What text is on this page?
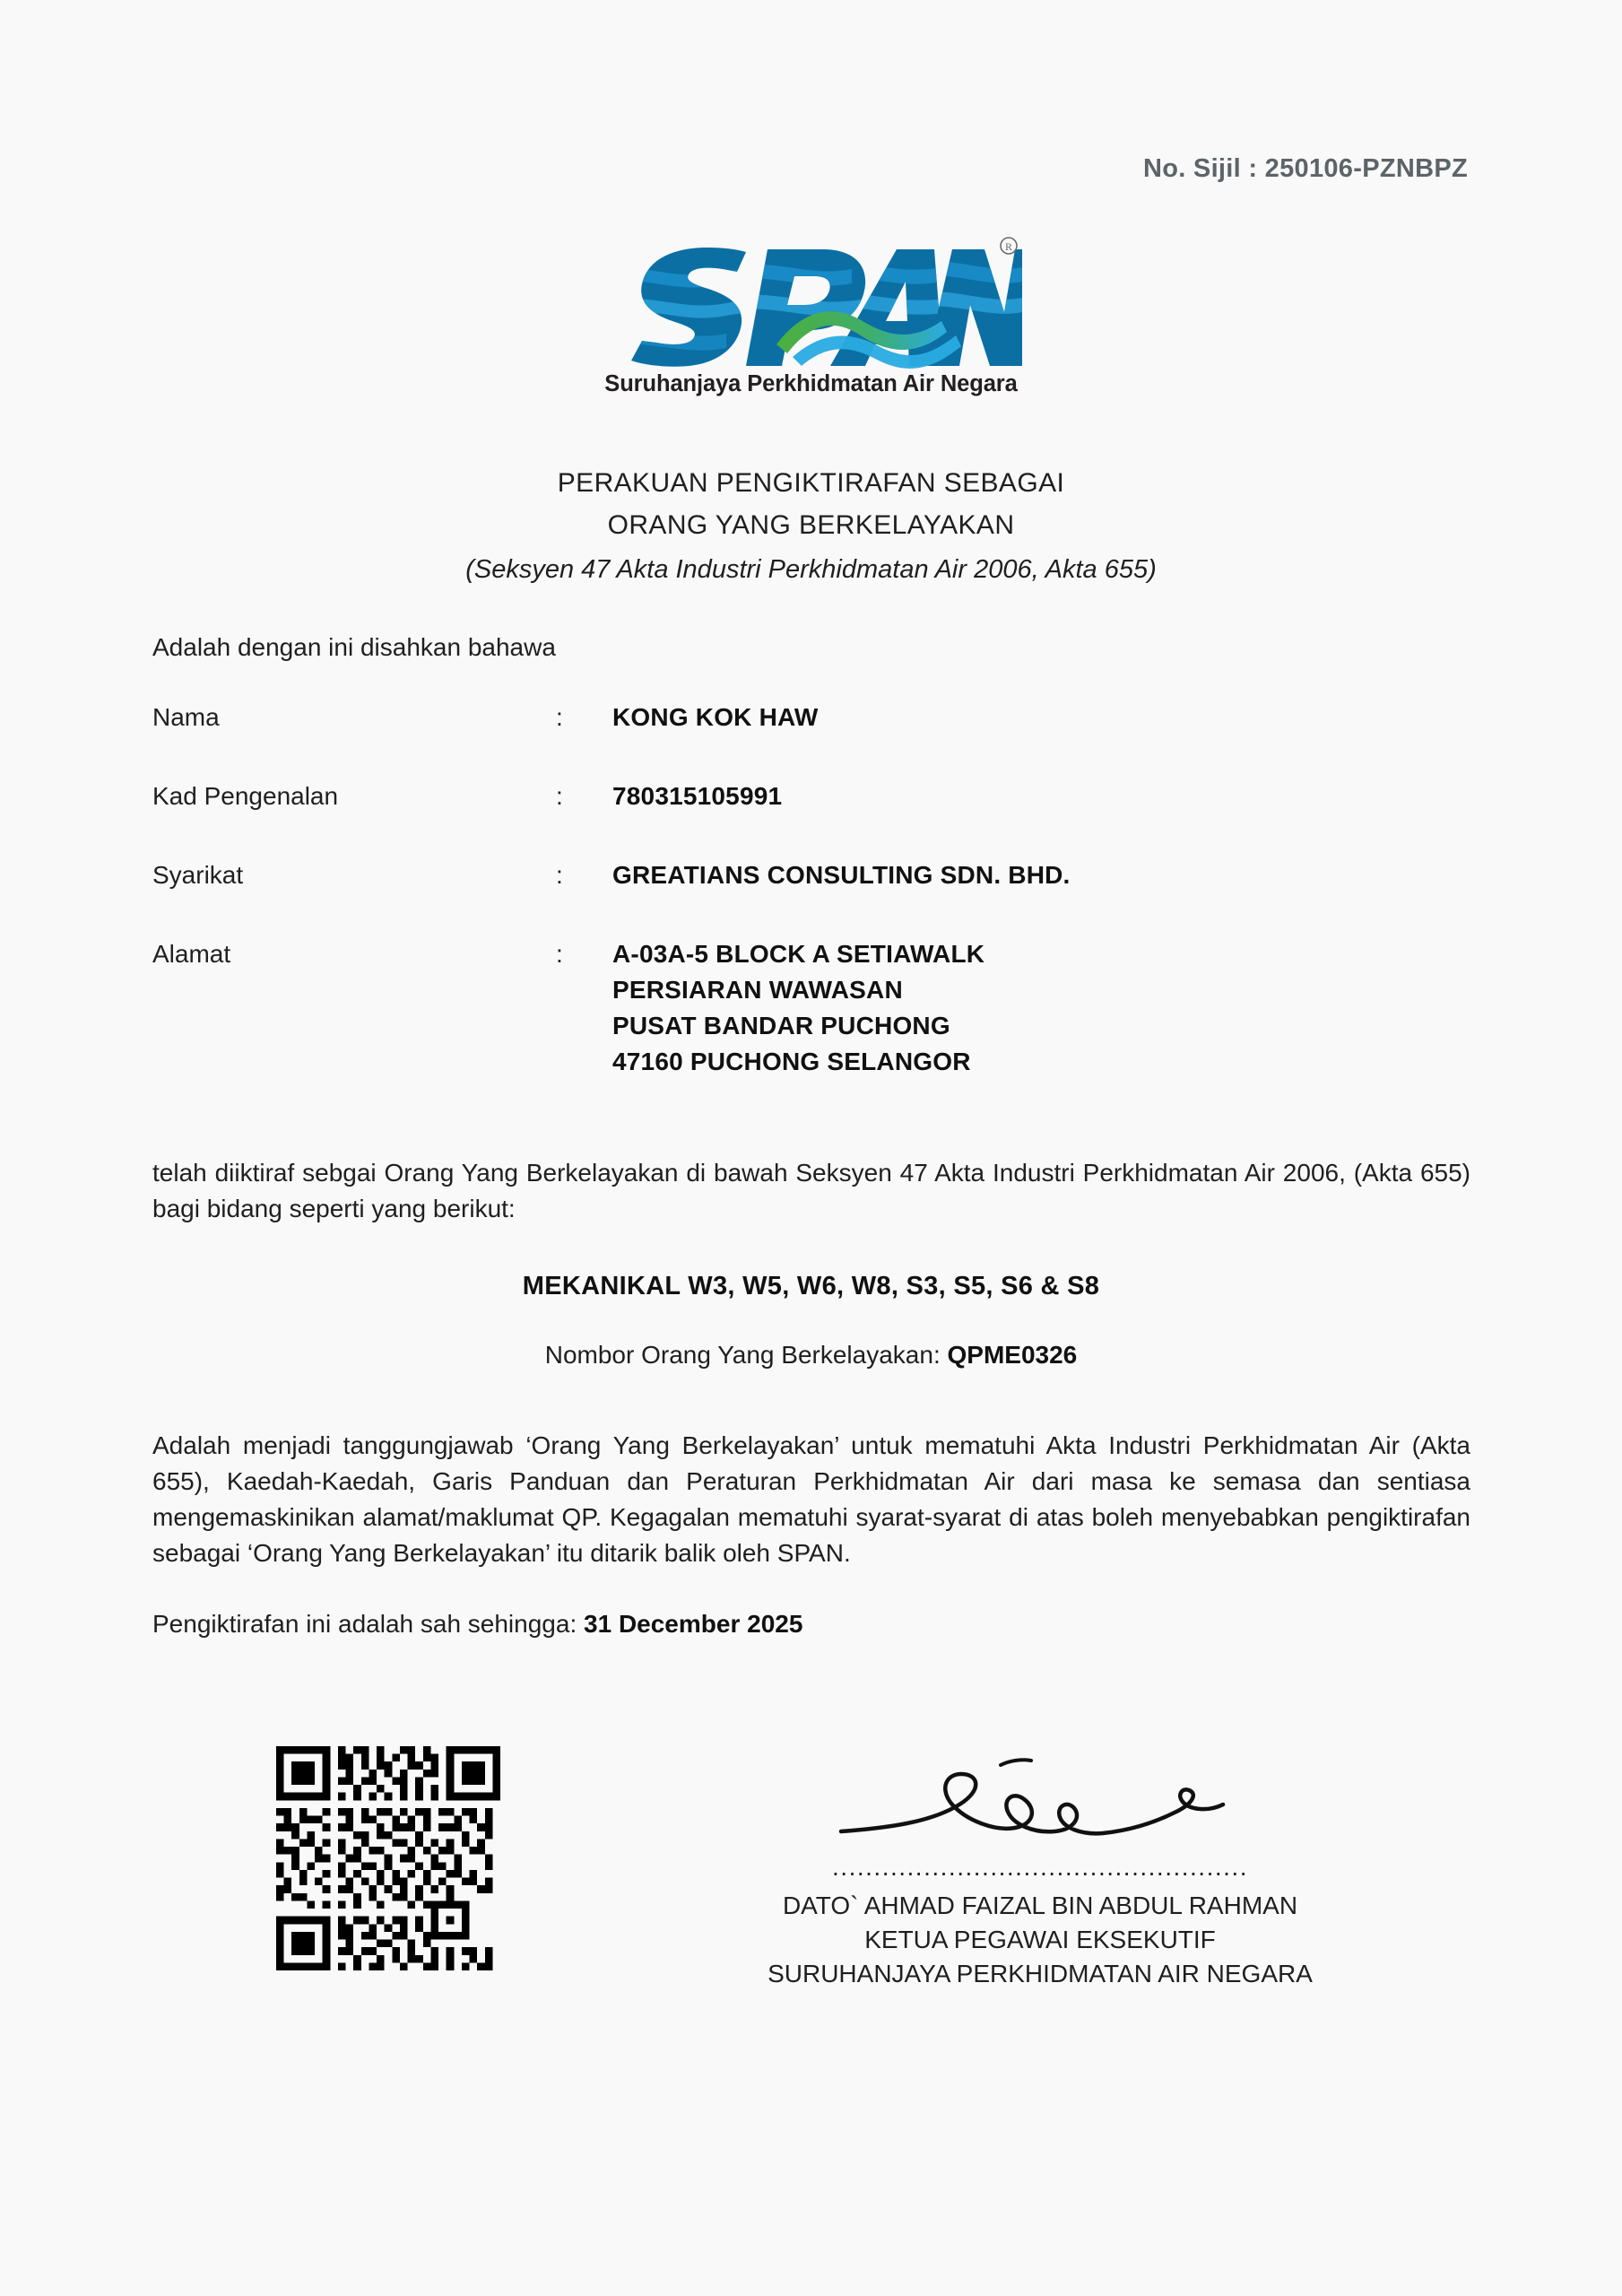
No. Sijil : 250106-PZNBPZ
R
Suruhanjaya Perkhidmatan Air Negara
PERAKUAN PENGIKTIRAFAN SEBAGAI
ORANG YANG BERKELAYAKAN
(Seksyen 47 Akta Industri Perkhidmatan Air 2006, Akta 655)
Adalah dengan ini disahkan bahawa
Nama	:	KONG KOK HAW
Kad Pengenalan	:	780315105991
Syarikat	:	GREATIANS CONSULTING SDN. BHD.
Alamat	:	A-03A-5 BLOCK A SETIAWALK
PERSIARAN WAWASAN
PUSAT BANDAR PUCHONG
47160 PUCHONG SELANGOR
telah diiktiraf sebgai Orang Yang Berkelayakan di bawah Seksyen 47 Akta Industri Perkhidmatan Air 2006, (Akta 655) bagi bidang seperti yang berikut:
MEKANIKAL W3, W5, W6, W8, S3, S5, S6 & S8
Nombor Orang Yang Berkelayakan: QPME0326
Adalah menjadi tanggungjawab ‘Orang Yang Berkelayakan’ untuk mematuhi Akta Industri Perkhidmatan Air (Akta 655), Kaedah-Kaedah, Garis Panduan dan Peraturan Perkhidmatan Air dari masa ke semasa dan sentiasa mengemaskinikan alamat/maklumat QP. Kegagalan mematuhi syarat-syarat di atas boleh menyebabkan pengiktirafan sebagai ‘Orang Yang Berkelayakan’ itu ditarik balik oleh SPAN.
Pengiktirafan ini adalah sah sehingga: 31 December 2025
..................................................
DATO` AHMAD FAIZAL BIN ABDUL RAHMAN
KETUA PEGAWAI EKSEKUTIF
SURUHANJAYA PERKHIDMATAN AIR NEGARA
